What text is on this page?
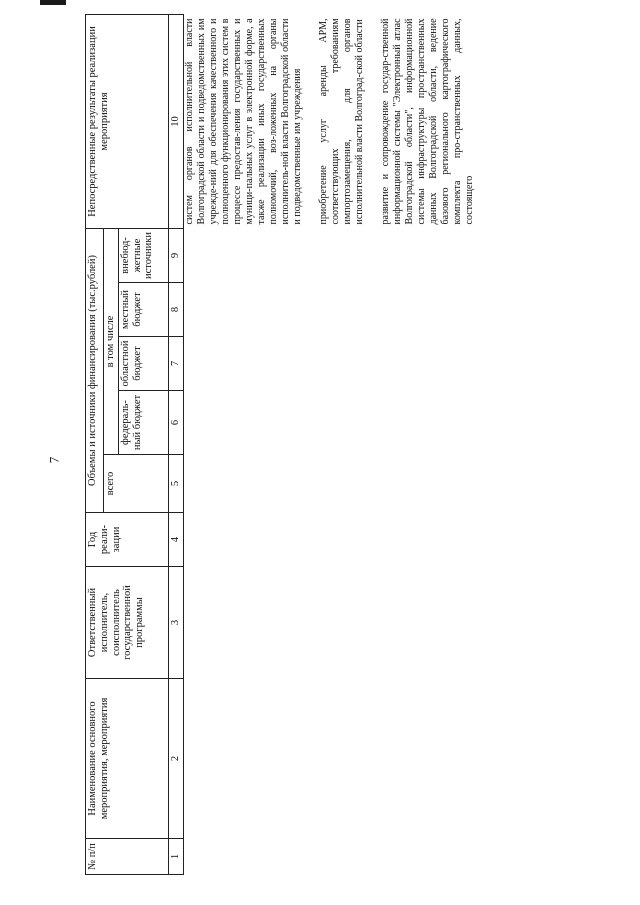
7
№ п/п	Наименование основного мероприятия, мероприятия	Ответственный исполнитель, соисполнитель государственной программы	Год реали-зации	Объемы и источники финансирования (тыс.рублей)					Непосредственные результаты реализации мероприятия
				всего	в том числе				
					федераль-ный бюджет	областной бюджет	местный бюджет	внебюд-жетные источники	
1	2	3	4	5	6	7	8	9	10

									систем органов исполнительной власти Волгоградской области и подведомственных им учрежде-ний для обеспечения качественного и полноценного функционирования этих систем в процессе предостав-ления государственных и муници-пальных услуг в электронной форме, а также реализации иных государственных полномочий, воз-ложенных на органы исполнитель-ной власти Волгоградской области и подведомственные им учреждения приобретение услуг аренды АРМ, соответствующих требованиям импортозамещения, для органов исполнительной власти Волгоград-ской области развитие и сопровождение государ-ственной информационной системы "Электронный атлас Волгоградской области", информационной системы инфраструктуры пространственных данных Волгоградской области, ведение базового регионального картографического комплекта про-странственных данных, состоящего
